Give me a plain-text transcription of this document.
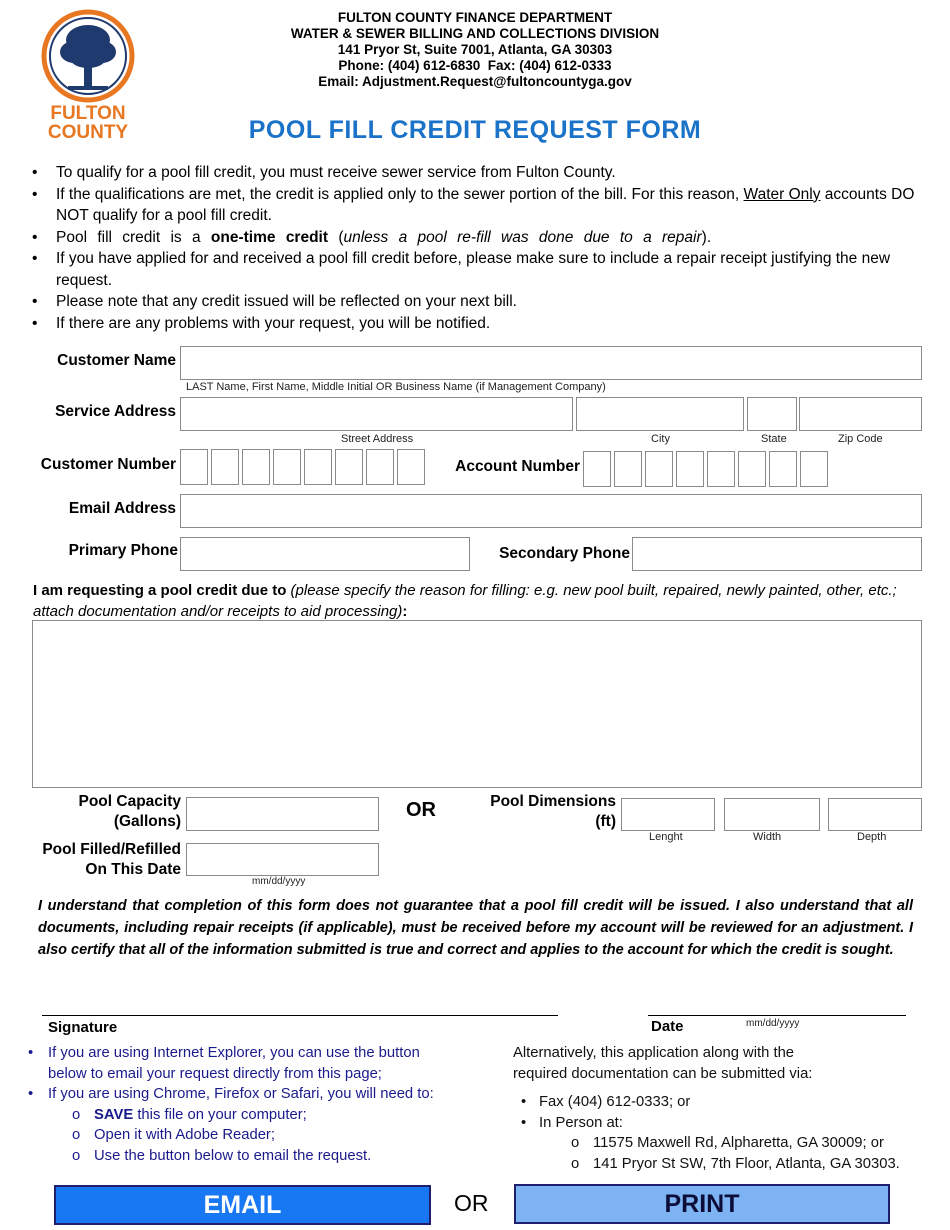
FULTON
COUNTY
FULTON COUNTY FINANCE DEPARTMENT
WATER & SEWER BILLING AND COLLECTIONS DIVISION
141 Pryor St, Suite 7001, Atlanta, GA 30303
Phone: (404) 612-6830  Fax: (404) 612-0333
Email: Adjustment.Request@fultoncountyga.gov
POOL FILL CREDIT REQUEST FORM
• To qualify for a pool fill credit, you must receive sewer service from Fulton County.
• If the qualifications are met, the credit is applied only to the sewer portion of the bill. For this reason, Water Only accounts DO NOT qualify for a pool fill credit.
• Pool fill credit is a one-time credit (unless a pool re-fill was done due to a repair).
• If you have applied for and received a pool fill credit before, please make sure to include a repair receipt justifying the new request.
• Please note that any credit issued will be reflected on your next bill.
• If there are any problems with your request, you will be notified.
Customer Name
LAST Name, First Name, Middle Initial OR Business Name (if Management Company)
Service Address
Street Address	City	State	Zip Code
Customer Number	Account Number
Email Address
Primary Phone	Secondary Phone
I am requesting a pool credit due to (please specify the reason for filling: e.g. new pool built, repaired, newly painted, other, etc.; attach documentation and/or receipts to aid processing):
Pool Capacity
(Gallons)
OR	Pool Dimensions
(ft)
Lenght	Width	Depth
Pool Filled/Refilled
On This Date
mm/dd/yyyy
I understand that completion of this form does not guarantee that a pool fill credit will be issued. I also understand that all documents, including repair receipts (if applicable), must be received before my account will be reviewed for an adjustment. I also certify that all of the information submitted is true and correct and applies to the account for which the credit is sought.
Signature	Date	mm/dd/yyyy
• If you are using Internet Explorer, you can use the button
below to email your request directly from this page;
• If you are using Chrome, Firefox or Safari, you will need to:
o SAVE this file on your computer;
o Open it with Adobe Reader;
o Use the button below to email the request.
Alternatively, this application along with the
required documentation can be submitted via:
• Fax (404) 612-0333; or
• In Person at:
o 11575 Maxwell Rd, Alpharetta, GA 30009; or
o 141 Pryor St SW, 7th Floor, Atlanta, GA 30303.
EMAIL	OR	PRINT
